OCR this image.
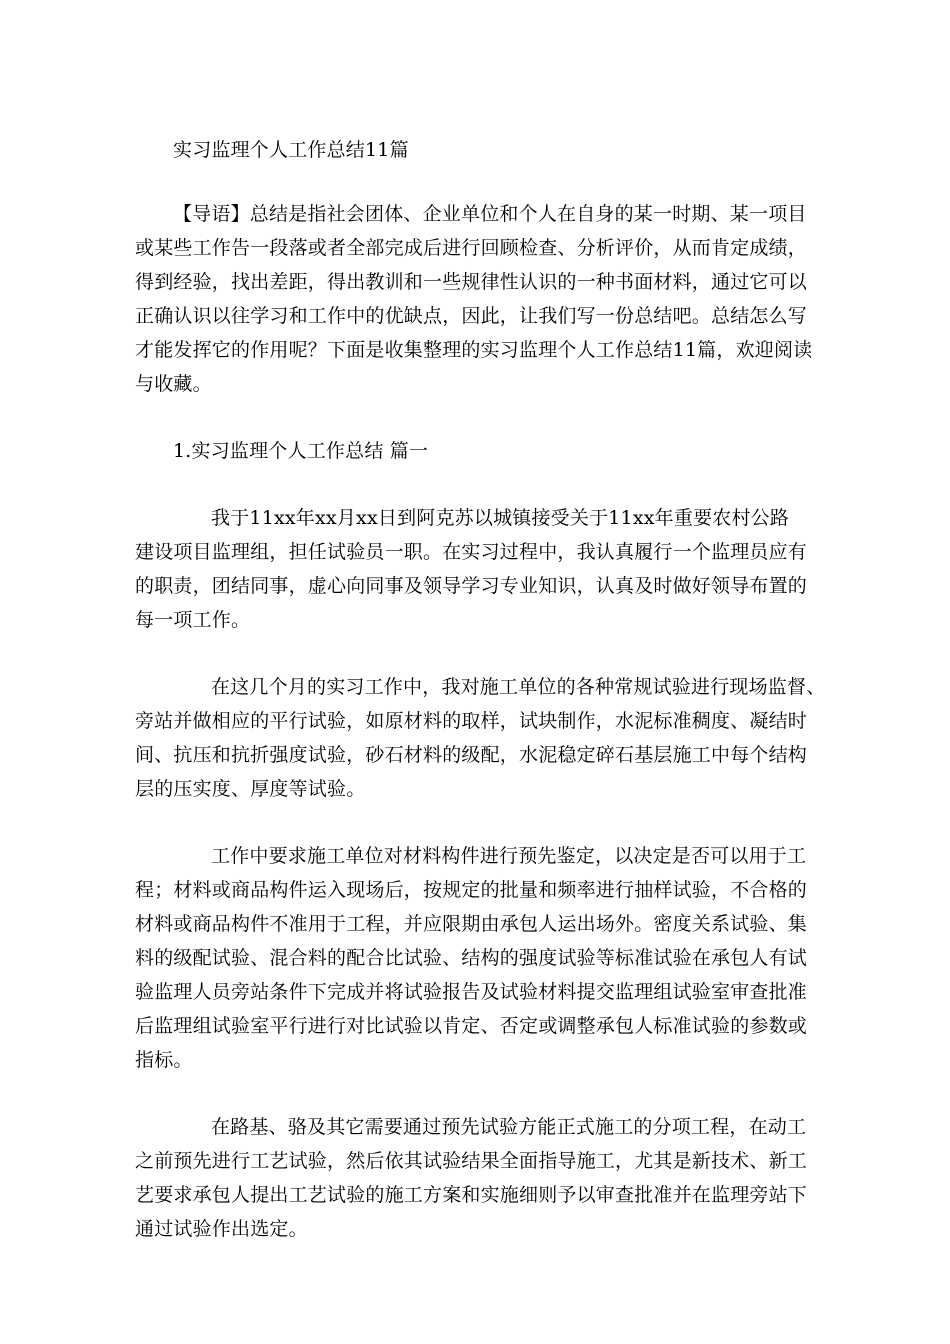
实习监理个人工作总结11篇
【导语】总结是指社会团体、企业单位和个人在自身的某一时期、某一项目
或某些工作告一段落或者全部完成后进行回顾检查、分析评价，从而肯定成绩，
得到经验，找出差距，得出教训和一些规律性认识的一种书面材料，通过它可以
正确认识以往学习和工作中的优缺点，因此，让我们写一份总结吧。总结怎么写
才能发挥它的作用呢？下面是收集整理的实习监理个人工作总结11篇，欢迎阅读
与收藏。
1.实习监理个人工作总结 篇一
我于11xx年xx月xx日到阿克苏以城镇接受关于11xx年重要农村公路
建设项目监理组，担任试验员一职。在实习过程中，我认真履行一个监理员应有
的职责，团结同事，虚心向同事及领导学习专业知识，认真及时做好领导布置的
每一项工作。
在这几个月的实习工作中，我对施工单位的各种常规试验进行现场监督、
旁站并做相应的平行试验，如原材料的取样，试块制作，水泥标准稠度、凝结时
间、抗压和抗折强度试验，砂石材料的级配，水泥稳定碎石基层施工中每个结构
层的压实度、厚度等试验。
工作中要求施工单位对材料构件进行预先鉴定，以决定是否可以用于工
程；材料或商品构件运入现场后，按规定的批量和频率进行抽样试验，不合格的
材料或商品构件不准用于工程，并应限期由承包人运出场外。密度关系试验、集
料的级配试验、混合料的配合比试验、结构的强度试验等标准试验在承包人有试
验监理人员旁站条件下完成并将试验报告及试验材料提交监理组试验室审查批准
后监理组试验室平行进行对比试验以肯定、否定或调整承包人标准试验的参数或
指标。
在路基、骆及其它需要通过预先试验方能正式施工的分项工程，在动工
之前预先进行工艺试验，然后依其试验结果全面指导施工，尤其是新技术、新工
艺要求承包人提出工艺试验的施工方案和实施细则予以审查批准并在监理旁站下
通过试验作出选定。
